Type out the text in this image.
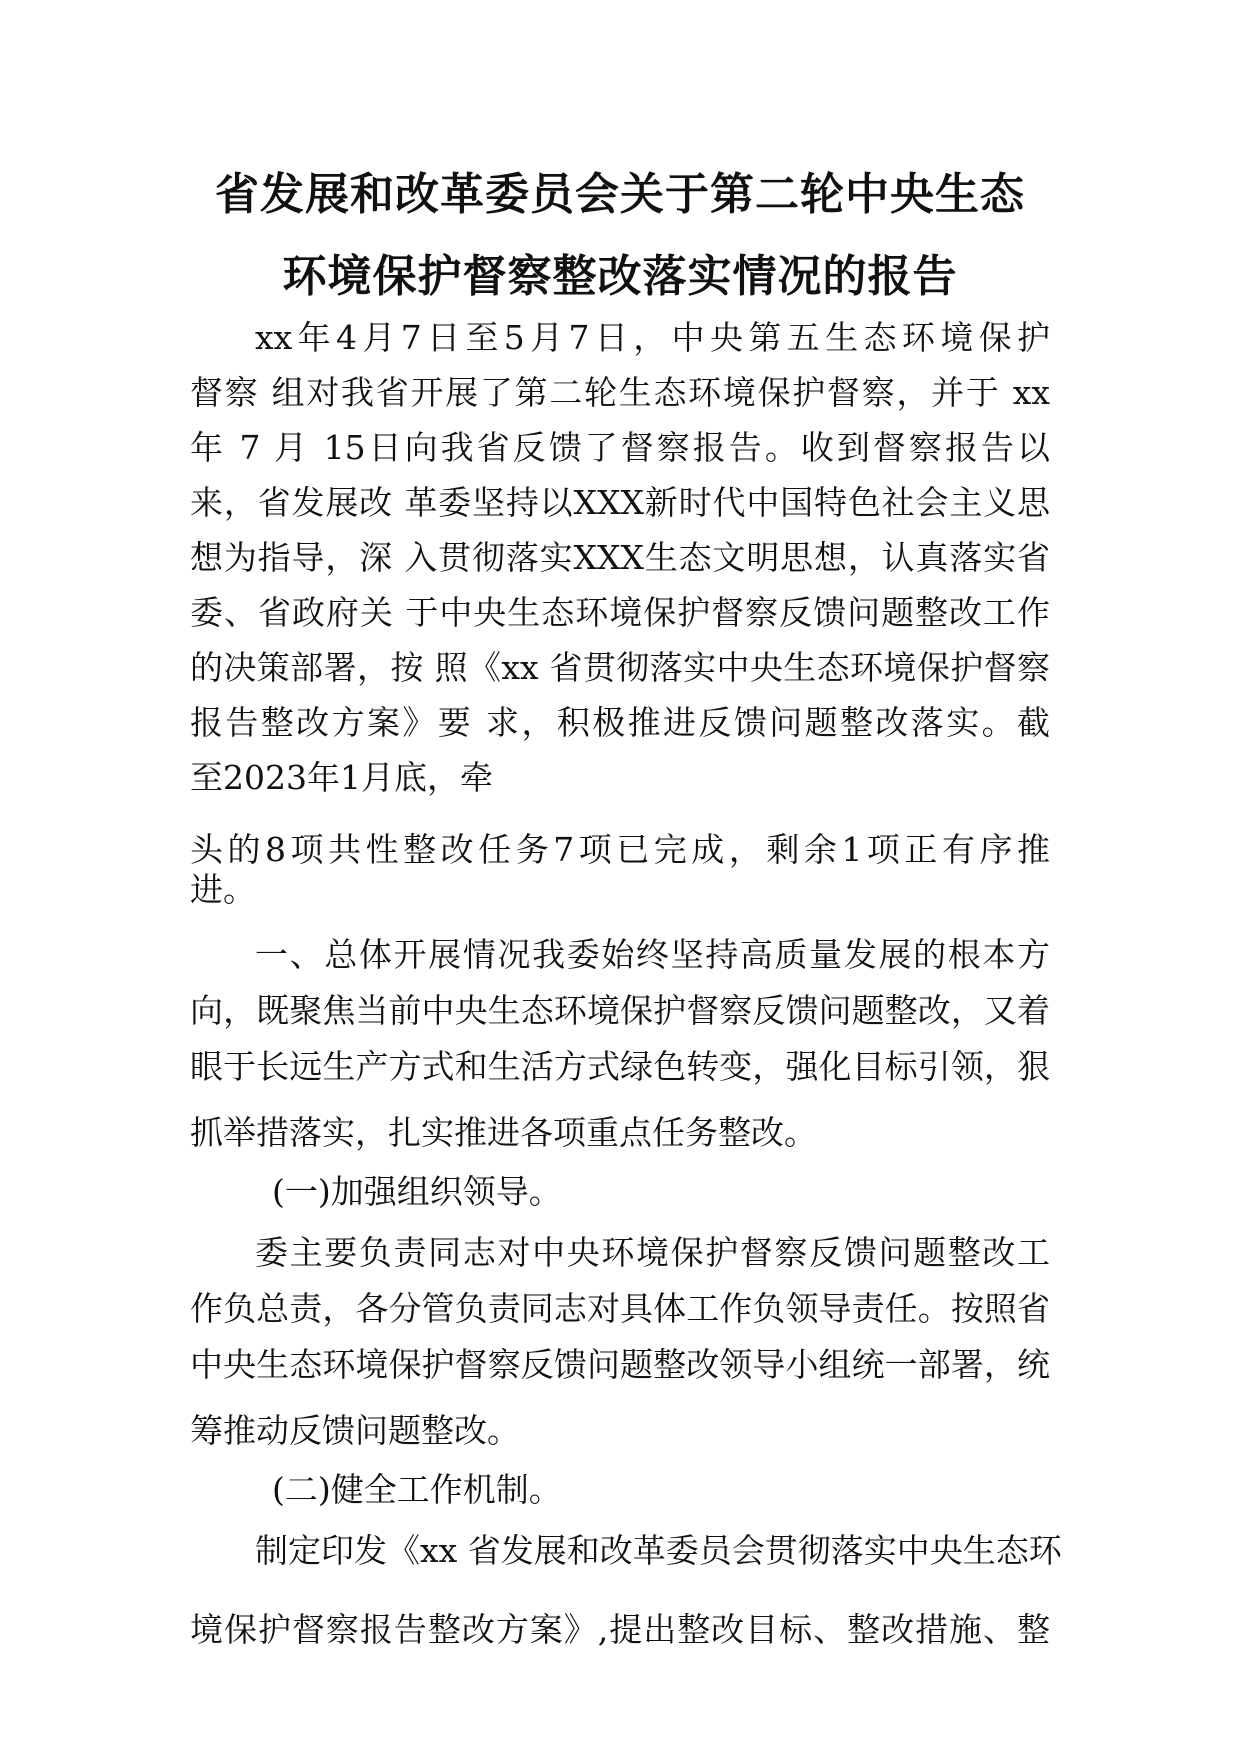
省发展和改革委员会关于第二轮中央生态
环境保护督察整改落实情况的报告
xx年4月7日至5月7日，中央第五生态环境保护
督察 组对我省开展了第二轮生态环境保护督察，并于 xx
年 7 月 15日向我省反馈了督察报告。收到督察报告以
来，省发展改 革委坚持以XXX新时代中国特色社会主义思
想为指导，深 入贯彻落实XXX生态文明思想，认真落实省
委、省政府关 于中央生态环境保护督察反馈问题整改工作
的决策部署，按 照《xx 省贯彻落实中央生态环境保护督察
报告整改方案》要 求，积极推进反馈问题整改落实。截
至2023年1月底，牵
头的8项共性整改任务7项已完成，剩余1项正有序推
进。
一、总体开展情况我委始终坚持高质量发展的根本方
向，既聚焦当前中央生态环境保护督察反馈问题整改，又着
眼于长远生产方式和生活方式绿色转变，强化目标引领，狠
抓举措落实，扎实推进各项重点任务整改。
(一)加强组织领导。
委主要负责同志对中央环境保护督察反馈问题整改工
作负总责，各分管负责同志对具体工作负领导责任。按照省
中央生态环境保护督察反馈问题整改领导小组统一部署，统
筹推动反馈问题整改。
(二)健全工作机制。
制定印发《xx 省发展和改革委员会贯彻落实中央生态环
境保护督察报告整改方案》,提出整改目标、整改措施、整
